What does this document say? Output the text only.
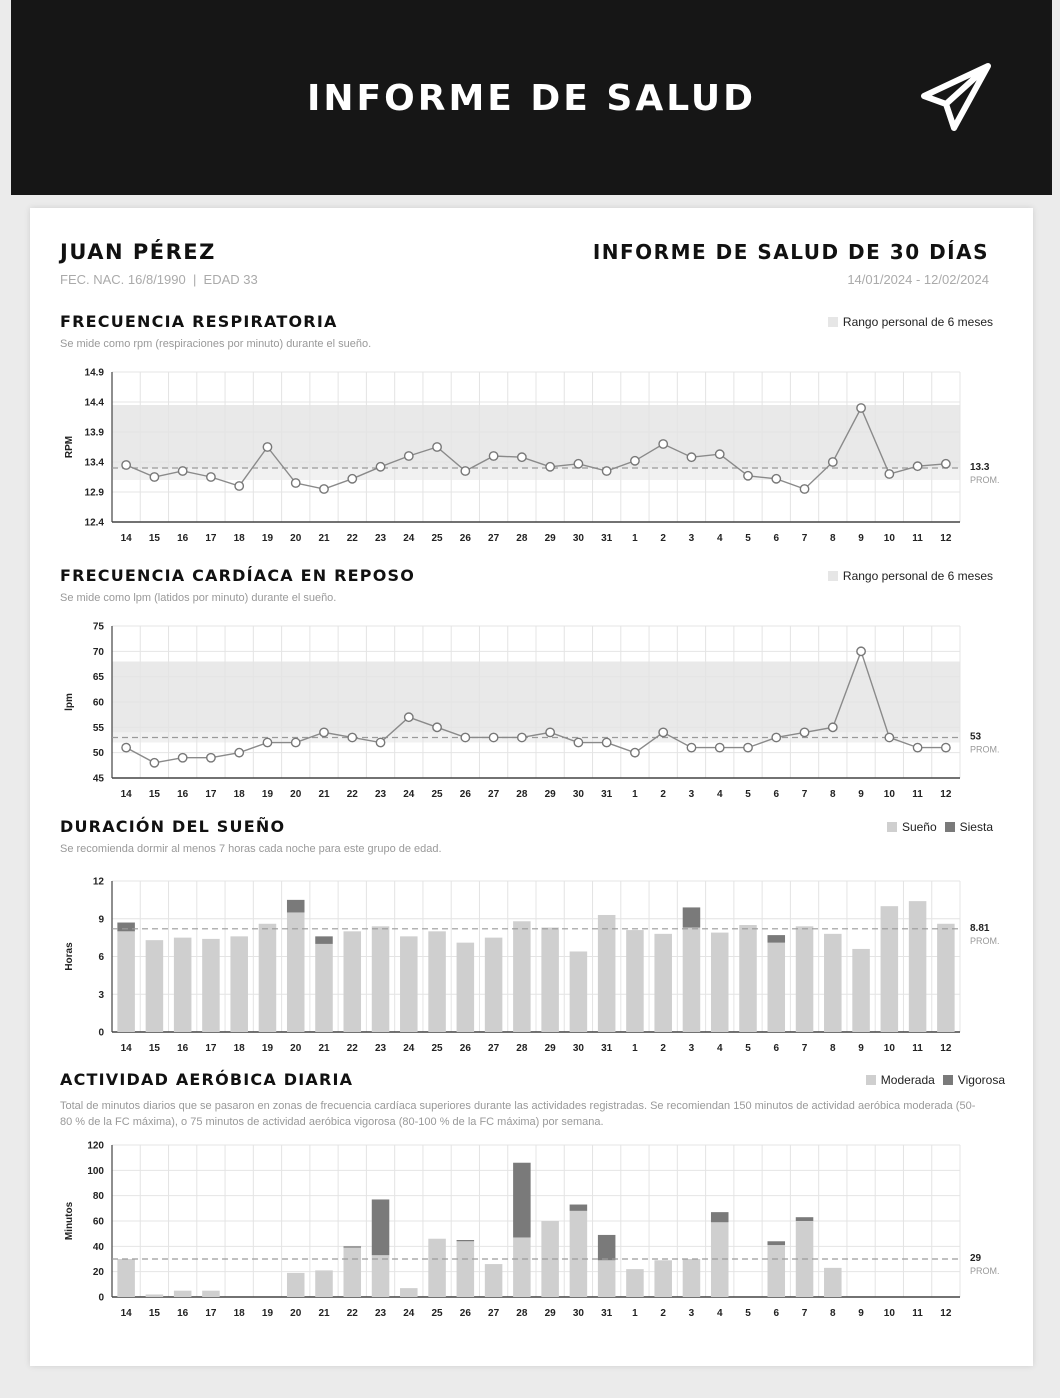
INFORME DE SALUD
JUAN PÉREZ
FEC. NAC. 16/8/1990  |  EDAD 33
INFORME DE SALUD DE 30 DÍAS
14/01/2024 - 12/02/2024
FRECUENCIA RESPIRATORIA
Se mide como rpm (respiraciones por minuto) durante el sueño.
Rango personal de 6 meses
12.4
12.9
13.4
13.9
14.4
14.9
RPM
14 15 16 17 18 19 20 21 22 23 24 25 26 27 28 29 30 31 1 2 3 4 5 6 7 8 9 10 11 12
13.3
PROM.
FRECUENCIA CARDÍACA EN REPOSO
Se mide como lpm (latidos por minuto) durante el sueño.
Rango personal de 6 meses
45
50
55
60
65
70
75
lpm
14 15 16 17 18 19 20 21 22 23 24 25 26 27 28 29 30 31 1 2 3 4 5 6 7 8 9 10 11 12
53
PROM.
DURACIÓN DEL SUEÑO
Se recomienda dormir al menos 7 horas cada noche para este grupo de edad.
Sueño Siesta
0
3
6
9
12
Horas
14 15 16 17 18 19 20 21 22 23 24 25 26 27 28 29 30 31 1 2 3 4 5 6 7 8 9 10 11 12
8.81
PROM.
ACTIVIDAD AERÓBICA DIARIA
Total de minutos diarios que se pasaron en zonas de frecuencia cardíaca superiores durante las actividades registradas. Se recomiendan 150 minutos de actividad aeróbica moderada (50-80 % de la FC máxima), o 75 minutos de actividad aeróbica vigorosa (80-100 % de la FC máxima) por semana.
Moderada Vigorosa
0
20
40
60
80
100
120
Minutos
14 15 16 17 18 19 20 21 22 23 24 25 26 27 28 29 30 31 1 2 3 4 5 6 7 8 9 10 11 12
29
PROM.
